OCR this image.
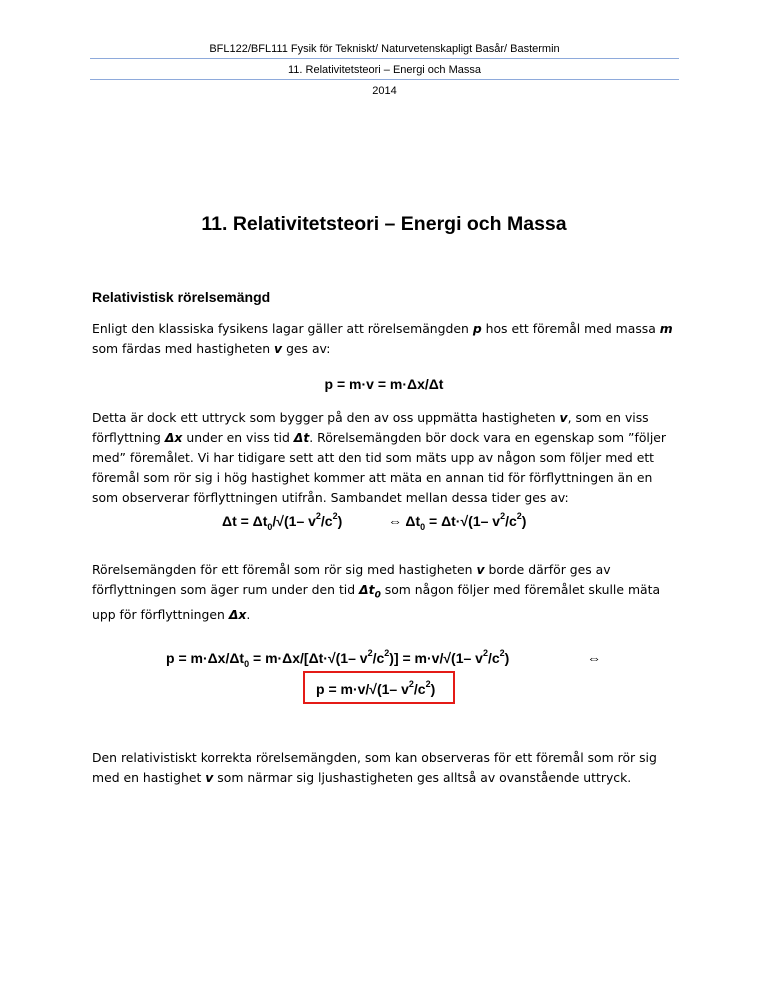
BFL122/BFL111 Fysik för Tekniskt/ Naturvetenskapligt Basår/ Bastermin
11. Relativitetsteori – Energi och Massa
2014
11. Relativitetsteori – Energi och Massa
Relativistisk rörelsemängd

Enligt den klassiska fysikens lagar gäller att rörelsemängden p hos ett föremål med massa m som färdas med hastigheten v ges av:

p = m·v = m·Δx/Δt

Detta är dock ett uttryck som bygger på den av oss uppmätta hastigheten v, som en viss förflyttning Δx under en viss tid Δt. Rörelsemängden bör dock vara en egenskap som ”följer med” föremålet. Vi har tidigare sett att den tid som mäts upp av någon som följer med ett föremål som rör sig i hög hastighet kommer att mäta en annan tid för förflyttningen än en som observerar förflyttningen utifrån. Sambandet mellan dessa tider ges av:

$\Delta t = \Delta t_0/√(1-$ $v^2/c^2$)	⇔ $\Delta t_0 = \Delta t\cdot√(1-$ $v^2/c^2$)

Rörelsemängden för ett föremål som rör sig med hastigheten v borde därför ges av förflyttningen som äger rum under den tid $\Delta t_0$ som någon följer med föremålet skulle mäta upp för förflyttningen Δx.

$p = m\cdot\Delta x/\Delta t_0 = m\cdot\Delta x/[\Delta t\cdot√(1-$ $v^2/c^2)] = m\cdot v/√(1-$ $v^2/c^2$)	⇔
p = m·v/√(1– $v^2/c^2$)

Den relativistiskt korrekta rörelsemängden, som kan observeras för ett föremål som rör sig med en hastighet v som närmar sig ljushastigheten ges alltså av ovanstående uttryck.
